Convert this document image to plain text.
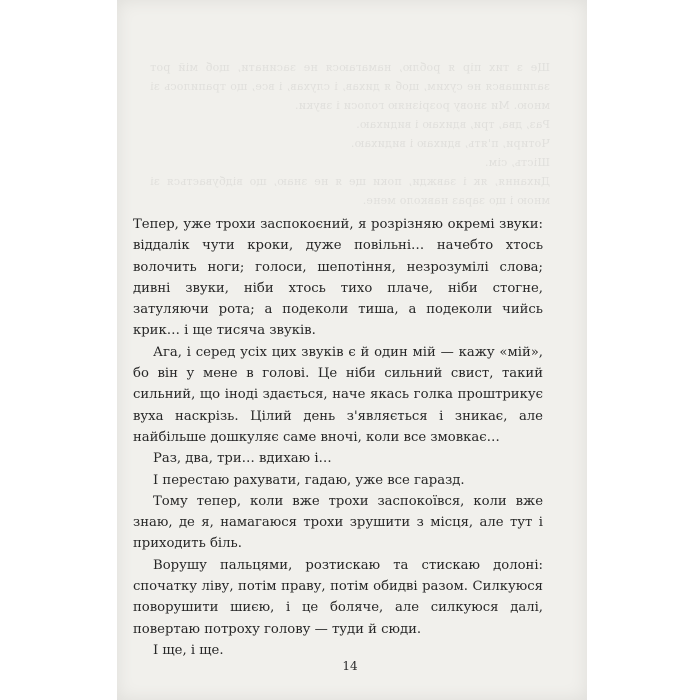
Ще з тих пір я роблю, намагаюся не засинати, щоб мій рот залишався не сухим, щоб я дихав, і слухав, і все, що трапилось зі мною. Ми знову розрізняю голоси і звуки.

Раз, два, три, вдихаю і видихаю.

Чотири, п'ять, вдихаю і видихаю.

Шість, сім.

Дихання, як і завжди, поки ще я не знаю, що відбувається зі мною і що зараз навколо мене.

Тепер, уже трохи заспокоєний, я розрізняю окремі звуки: віддалік чути кроки, дуже повільні… начебто хтось волочить ноги; голоси, шепотіння, незрозумілі слова; дивні звуки, ніби хтось тихо плаче, ніби стогне, затуляючи рота; а подеколи тиша, а подеколи чийсь крик… і ще тисяча звуків.

Ага, і серед усіх цих звуків є й один мій — кажу «мій», бо він у мене в голові. Це ніби сильний свист, такий сильний, що іноді здається, наче якась голка проштрикує вуха наскрізь. Цілий день з'являється і зникає, але найбільше дошкуляє саме вночі, коли все змовкає…

Раз, два, три… вдихаю і…

І перестаю рахувати, гадаю, уже все гаразд.

Тому тепер, коли вже трохи заспокоївся, коли вже знаю, де я, намагаюся трохи зрушити з місця, але тут і приходить біль.

Ворушу пальцями, розтискаю та стискаю долоні: спочатку ліву, потім праву, потім обидві разом. Силкуюся поворушити шиєю, і це боляче, але силкуюся далі, повертаю потроху голову — туди й сюди.

І ще, і ще.

14
